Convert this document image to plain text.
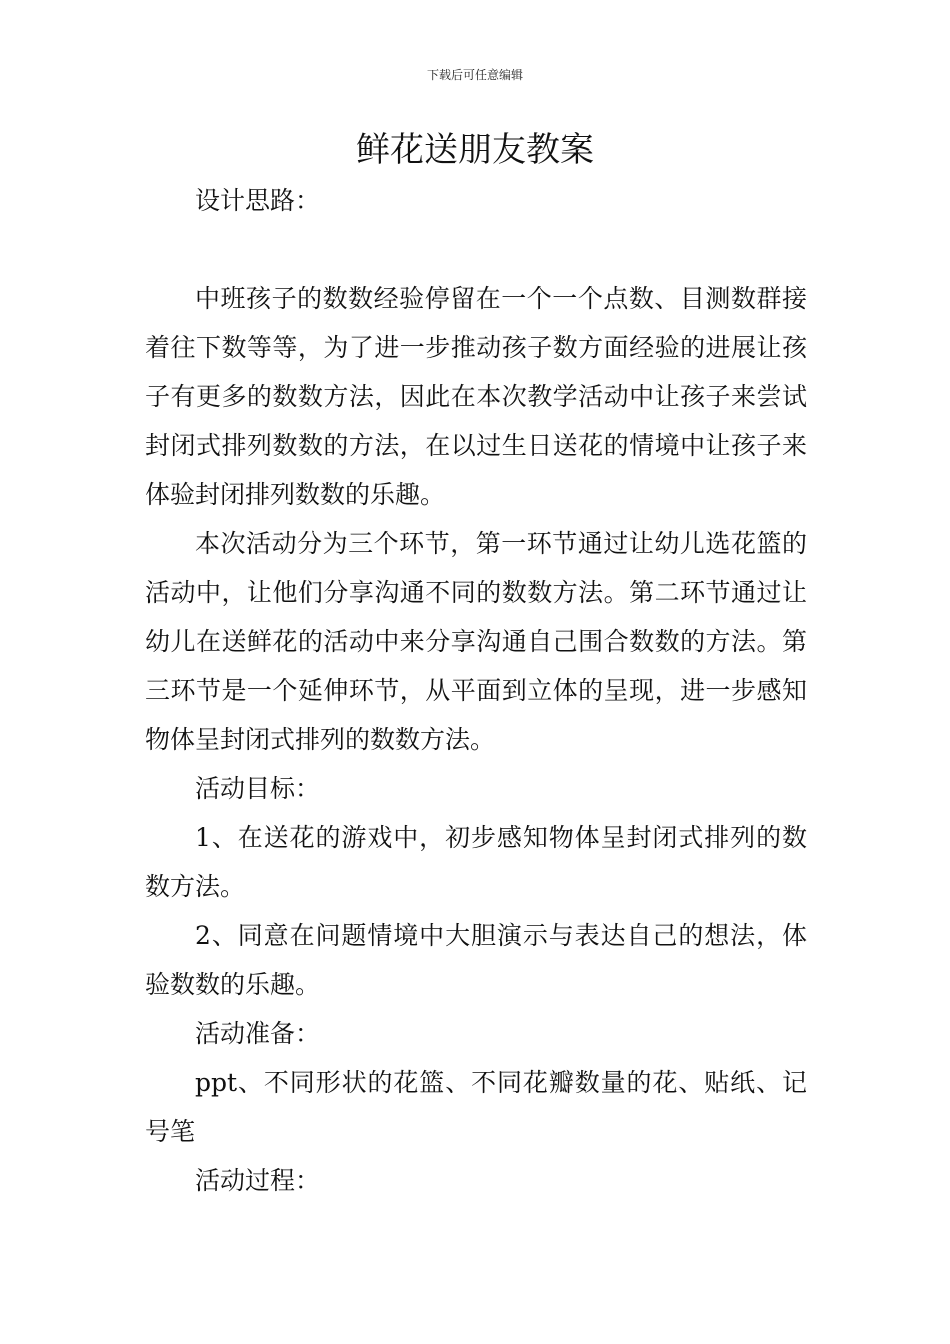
下载后可任意编辑
鲜花送朋友教案

设计思路：

中班孩子的数数经验停留在一个一个点数、目测数群接着往下数等等，为了进一步推动孩子数方面经验的进展让孩子有更多的数数方法，因此在本次教学活动中让孩子来尝试封闭式排列数数的方法，在以过生日送花的情境中让孩子来体验封闭排列数数的乐趣。

本次活动分为三个环节，第一环节通过让幼儿选花篮的活动中，让他们分享沟通不同的数数方法。第二环节通过让幼儿在送鲜花的活动中来分享沟通自己围合数数的方法。第三环节是一个延伸环节，从平面到立体的呈现，进一步感知物体呈封闭式排列的数数方法。

活动目标：

1、在送花的游戏中，初步感知物体呈封闭式排列的数数方法。

2、同意在问题情境中大胆演示与表达自己的想法，体验数数的乐趣。

活动准备：

ppt、不同形状的花篮、不同花瓣数量的花、贴纸、记号笔

活动过程：
